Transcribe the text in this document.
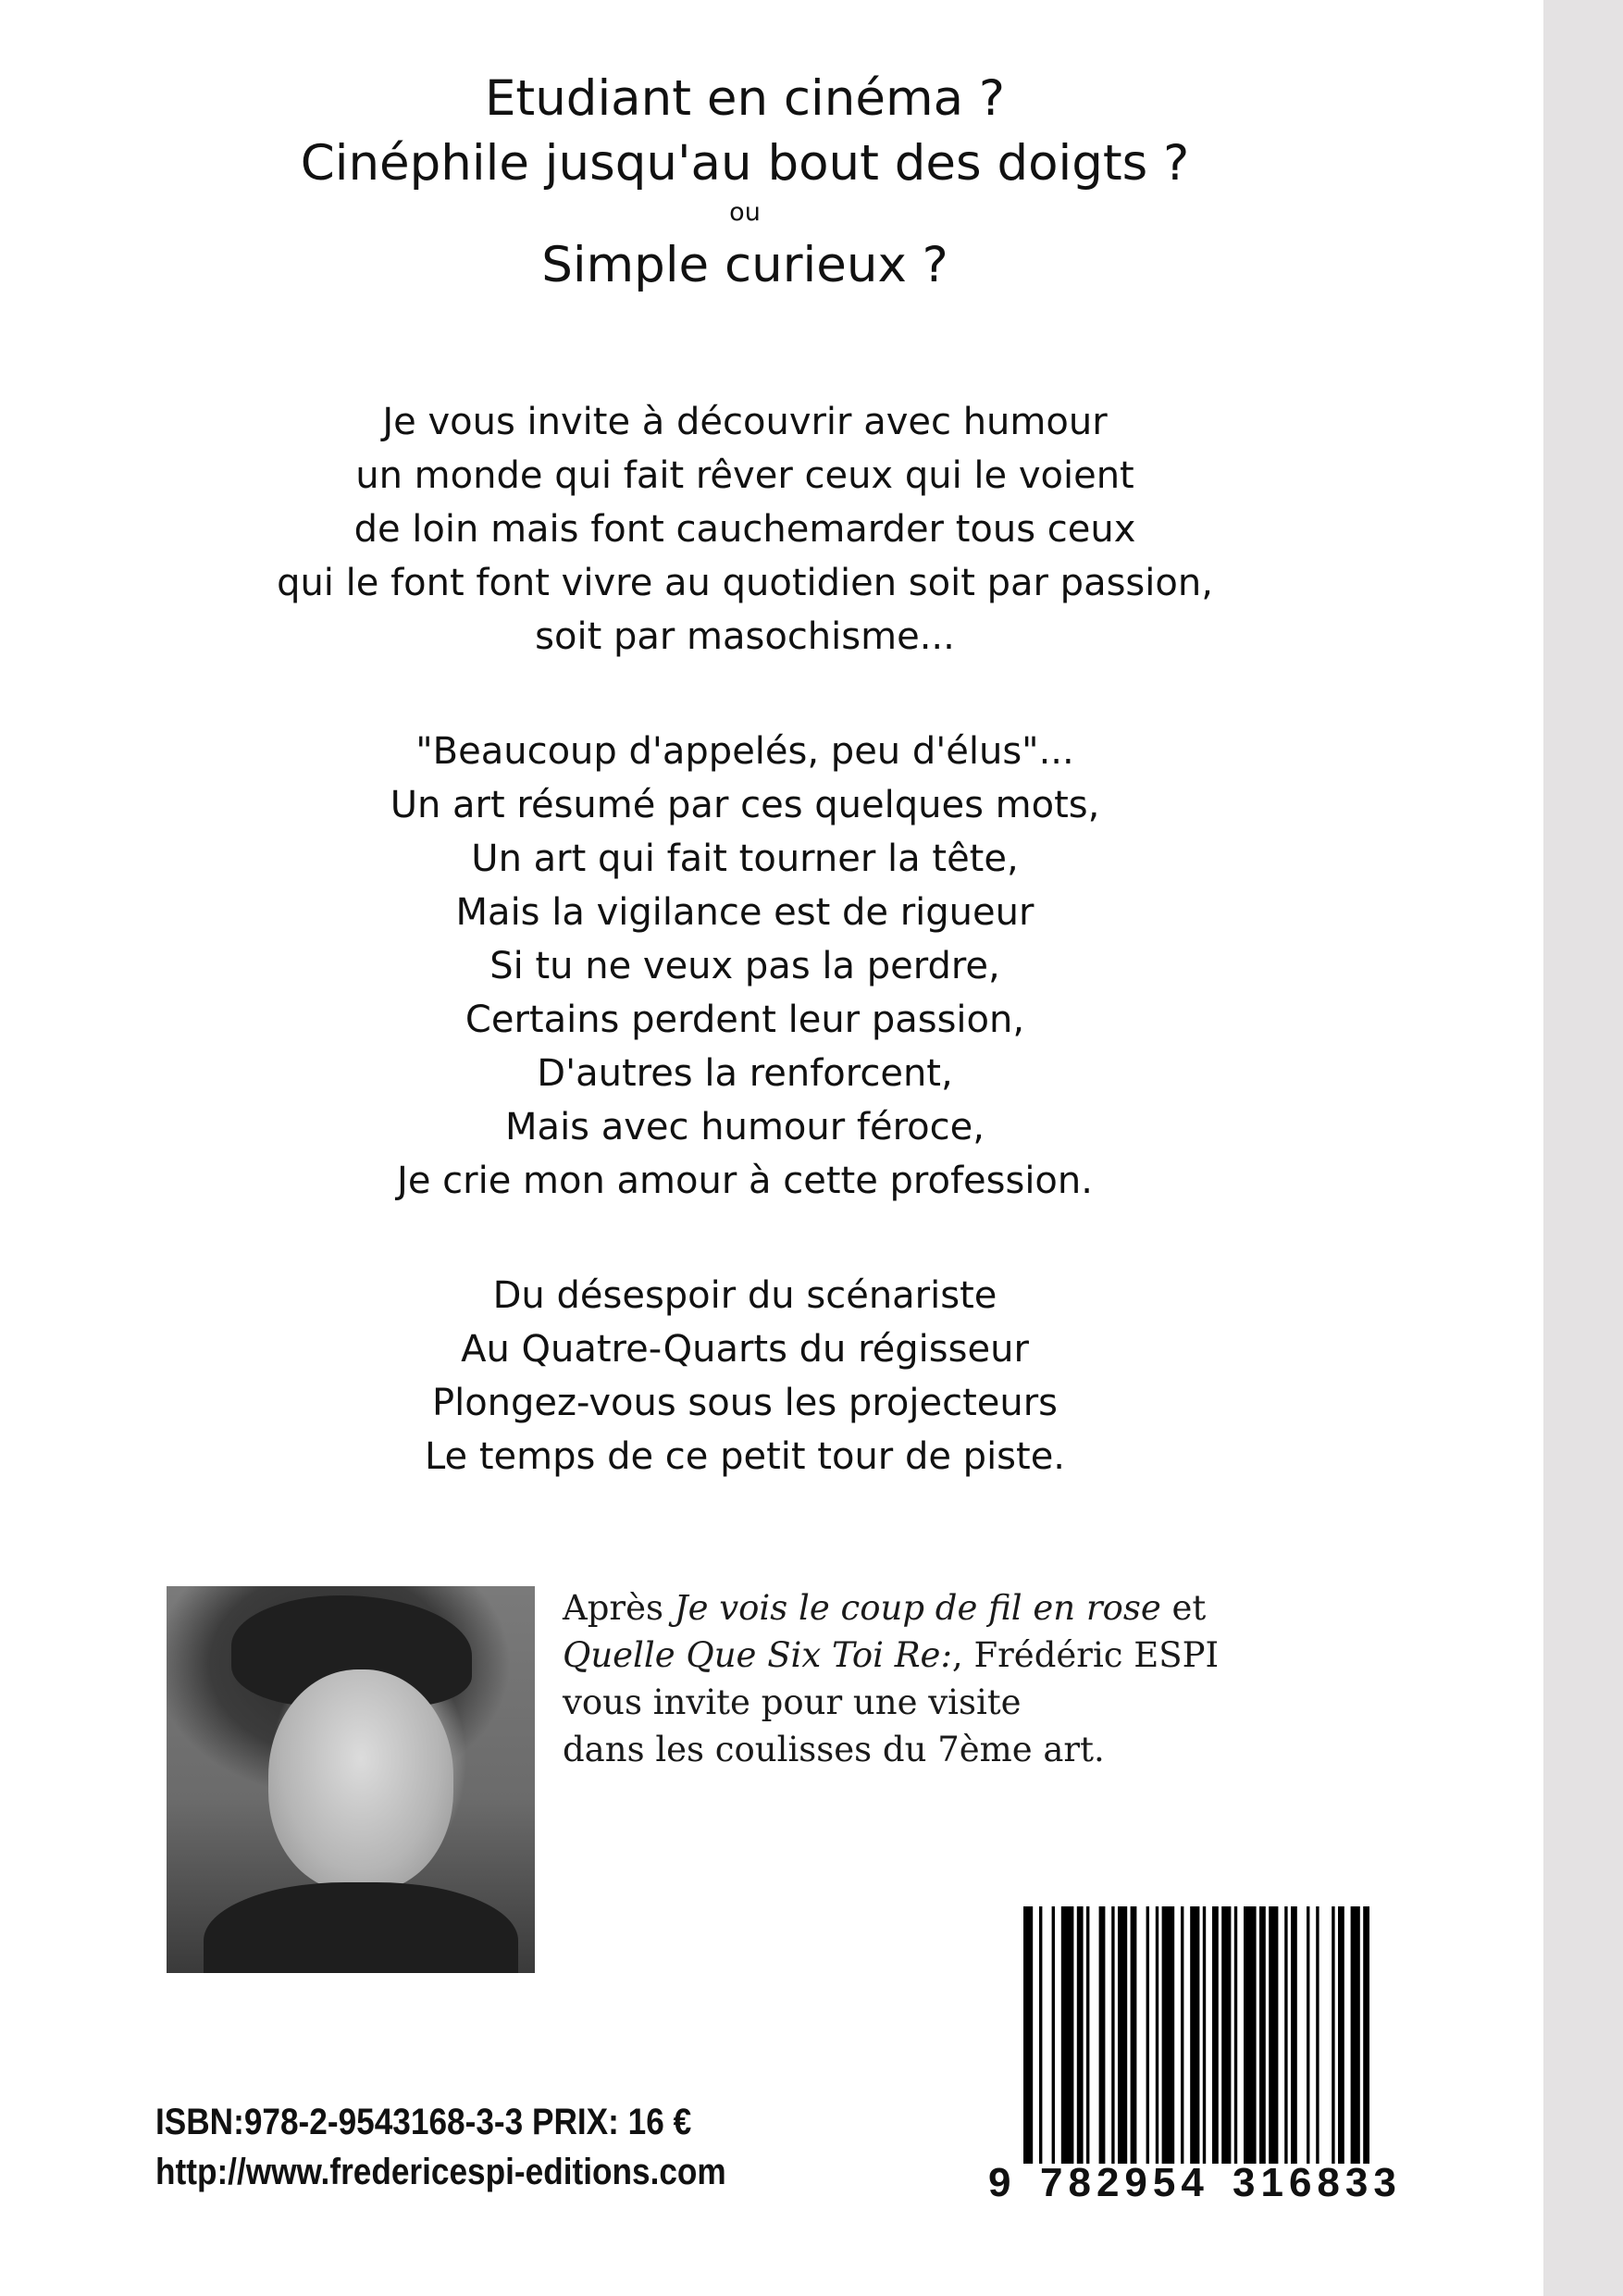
Etudiant en cinéma ?
Cinéphile jusqu'au bout des doigts ?
ou
Simple curieux ?
Je vous invite à découvrir avec humour
un monde qui fait rêver ceux qui le voient
de loin mais font cauchemarder tous ceux
qui le font font vivre au quotidien soit par passion,
soit par masochisme...
"Beaucoup d'appelés, peu d'élus"...
Un art résumé par ces quelques mots,
Un art qui fait tourner la tête,
Mais la vigilance est de rigueur
Si tu ne veux pas la perdre,
Certains perdent leur passion,
D'autres la renforcent,
Mais avec humour féroce,
Je crie mon amour à cette profession.
Du désespoir du scénariste
Au Quatre-Quarts du régisseur
Plongez-vous sous les projecteurs
Le temps de ce petit tour de piste.
Après Je vois le coup de fil en rose et
Quelle Que Six Toi Re:, Frédéric ESPI
vous invite pour une visite
dans les coulisses du 7ème art.
ISBN:978-2-9543168-3-3 PRIX: 16 €
http://www.fredericespi-editions.com	9 782954 316833
